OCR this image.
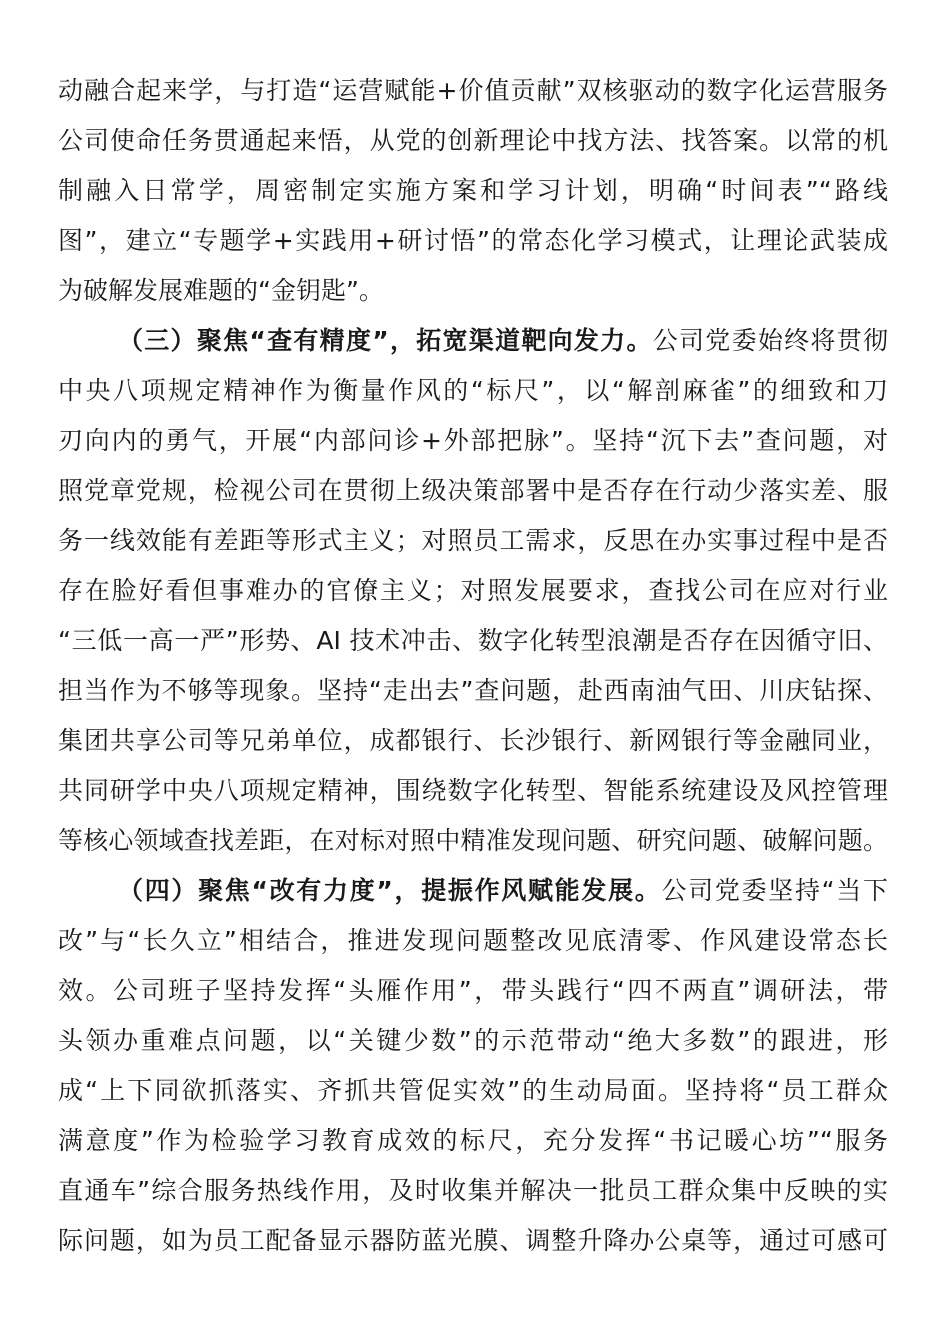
动融合起来学，与打造“运营赋能+价值贡献”双核驱动的数字化运营服务
公司使命任务贯通起来悟，从党的创新理论中找方法、找答案。以常的机
制融入日常学，周密制定实施方案和学习计划，明确“时间表”“路线
图”，建立“专题学+实践用+研讨悟”的常态化学习模式，让理论武装成
为破解发展难题的“金钥匙”。
（三）聚焦“查有精度”，拓宽渠道靶向发力。公司党委始终将贯彻
中央八项规定精神作为衡量作风的“标尺”，以“解剖麻雀”的细致和刀
刃向内的勇气，开展“内部问诊+外部把脉”。坚持“沉下去”查问题，对
照党章党规，检视公司在贯彻上级决策部署中是否存在行动少落实差、服
务一线效能有差距等形式主义；对照员工需求，反思在办实事过程中是否
存在脸好看但事难办的官僚主义；对照发展要求，查找公司在应对行业
“三低一高一严”形势、AI 技术冲击、数字化转型浪潮是否存在因循守旧、
担当作为不够等现象。坚持“走出去”查问题，赴西南油气田、川庆钻探、
集团共享公司等兄弟单位，成都银行、长沙银行、新网银行等金融同业，
共同研学中央八项规定精神，围绕数字化转型、智能系统建设及风控管理
等核心领域查找差距，在对标对照中精准发现问题、研究问题、破解问题。
（四）聚焦“改有力度”，提振作风赋能发展。公司党委坚持“当下
改”与“长久立”相结合，推进发现问题整改见底清零、作风建设常态长
效。公司班子坚持发挥“头雁作用”，带头践行“四不两直”调研法，带
头领办重难点问题，以“关键少数”的示范带动“绝大多数”的跟进，形
成“上下同欲抓落实、齐抓共管促实效”的生动局面。坚持将“员工群众
满意度”作为检验学习教育成效的标尺，充分发挥“书记暖心坊”“服务
直通车”综合服务热线作用，及时收集并解决一批员工群众集中反映的实
际问题，如为员工配备显示器防蓝光膜、调整升降办公桌等，通过可感可
